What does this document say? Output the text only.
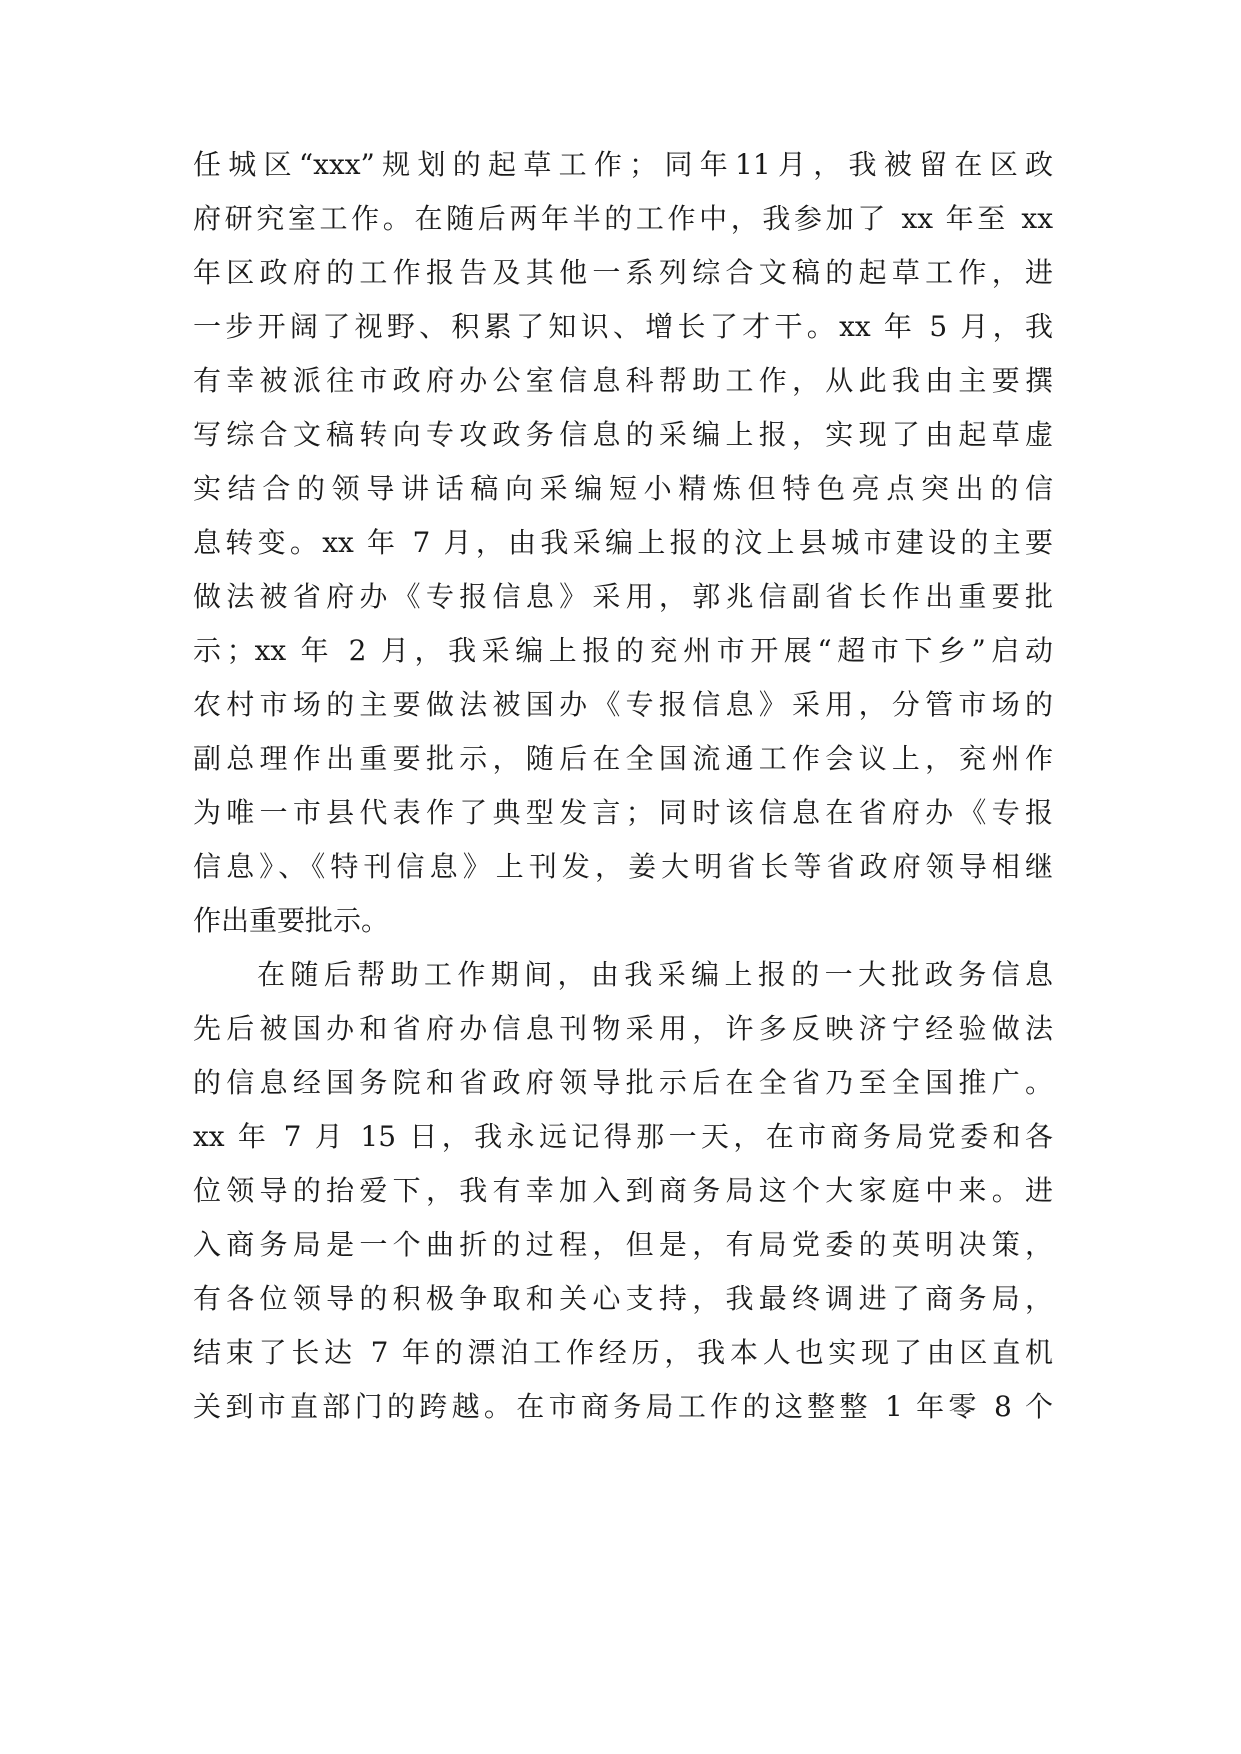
任城区“xxx”规划的起草工作；同年11月，我被留在区政
府研究室工作。在随后两年半的工作中，我参加了 xx 年至 xx
年区政府的工作报告及其他一系列综合文稿的起草工作，进
一步开阔了视野、积累了知识、增长了才干。xx 年 5 月，我
有幸被派往市政府办公室信息科帮助工作，从此我由主要撰
写综合文稿转向专攻政务信息的采编上报，实现了由起草虚
实结合的领导讲话稿向采编短小精炼但特色亮点突出的信
息转变。xx 年 7 月，由我采编上报的汶上县城市建设的主要
做法被省府办《专报信息》采用，郭兆信副省长作出重要批
示；xx 年 2 月，我采编上报的兖州市开展“超市下乡”启动
农村市场的主要做法被国办《专报信息》采用，分管市场的
副总理作出重要批示，随后在全国流通工作会议上，兖州作
为唯一市县代表作了典型发言；同时该信息在省府办《专报
信息》、《特刊信息》上刊发，姜大明省长等省政府领导相继
作出重要批示。
在随后帮助工作期间，由我采编上报的一大批政务信息
先后被国办和省府办信息刊物采用，许多反映济宁经验做法
的信息经国务院和省政府领导批示后在全省乃至全国推广。
xx 年 7 月 15 日，我永远记得那一天，在市商务局党委和各
位领导的抬爱下，我有幸加入到商务局这个大家庭中来。进
入商务局是一个曲折的过程，但是，有局党委的英明决策，
有各位领导的积极争取和关心支持，我最终调进了商务局，
结束了长达 7 年的漂泊工作经历，我本人也实现了由区直机
关到市直部门的跨越。在市商务局工作的这整整 1 年零 8 个
